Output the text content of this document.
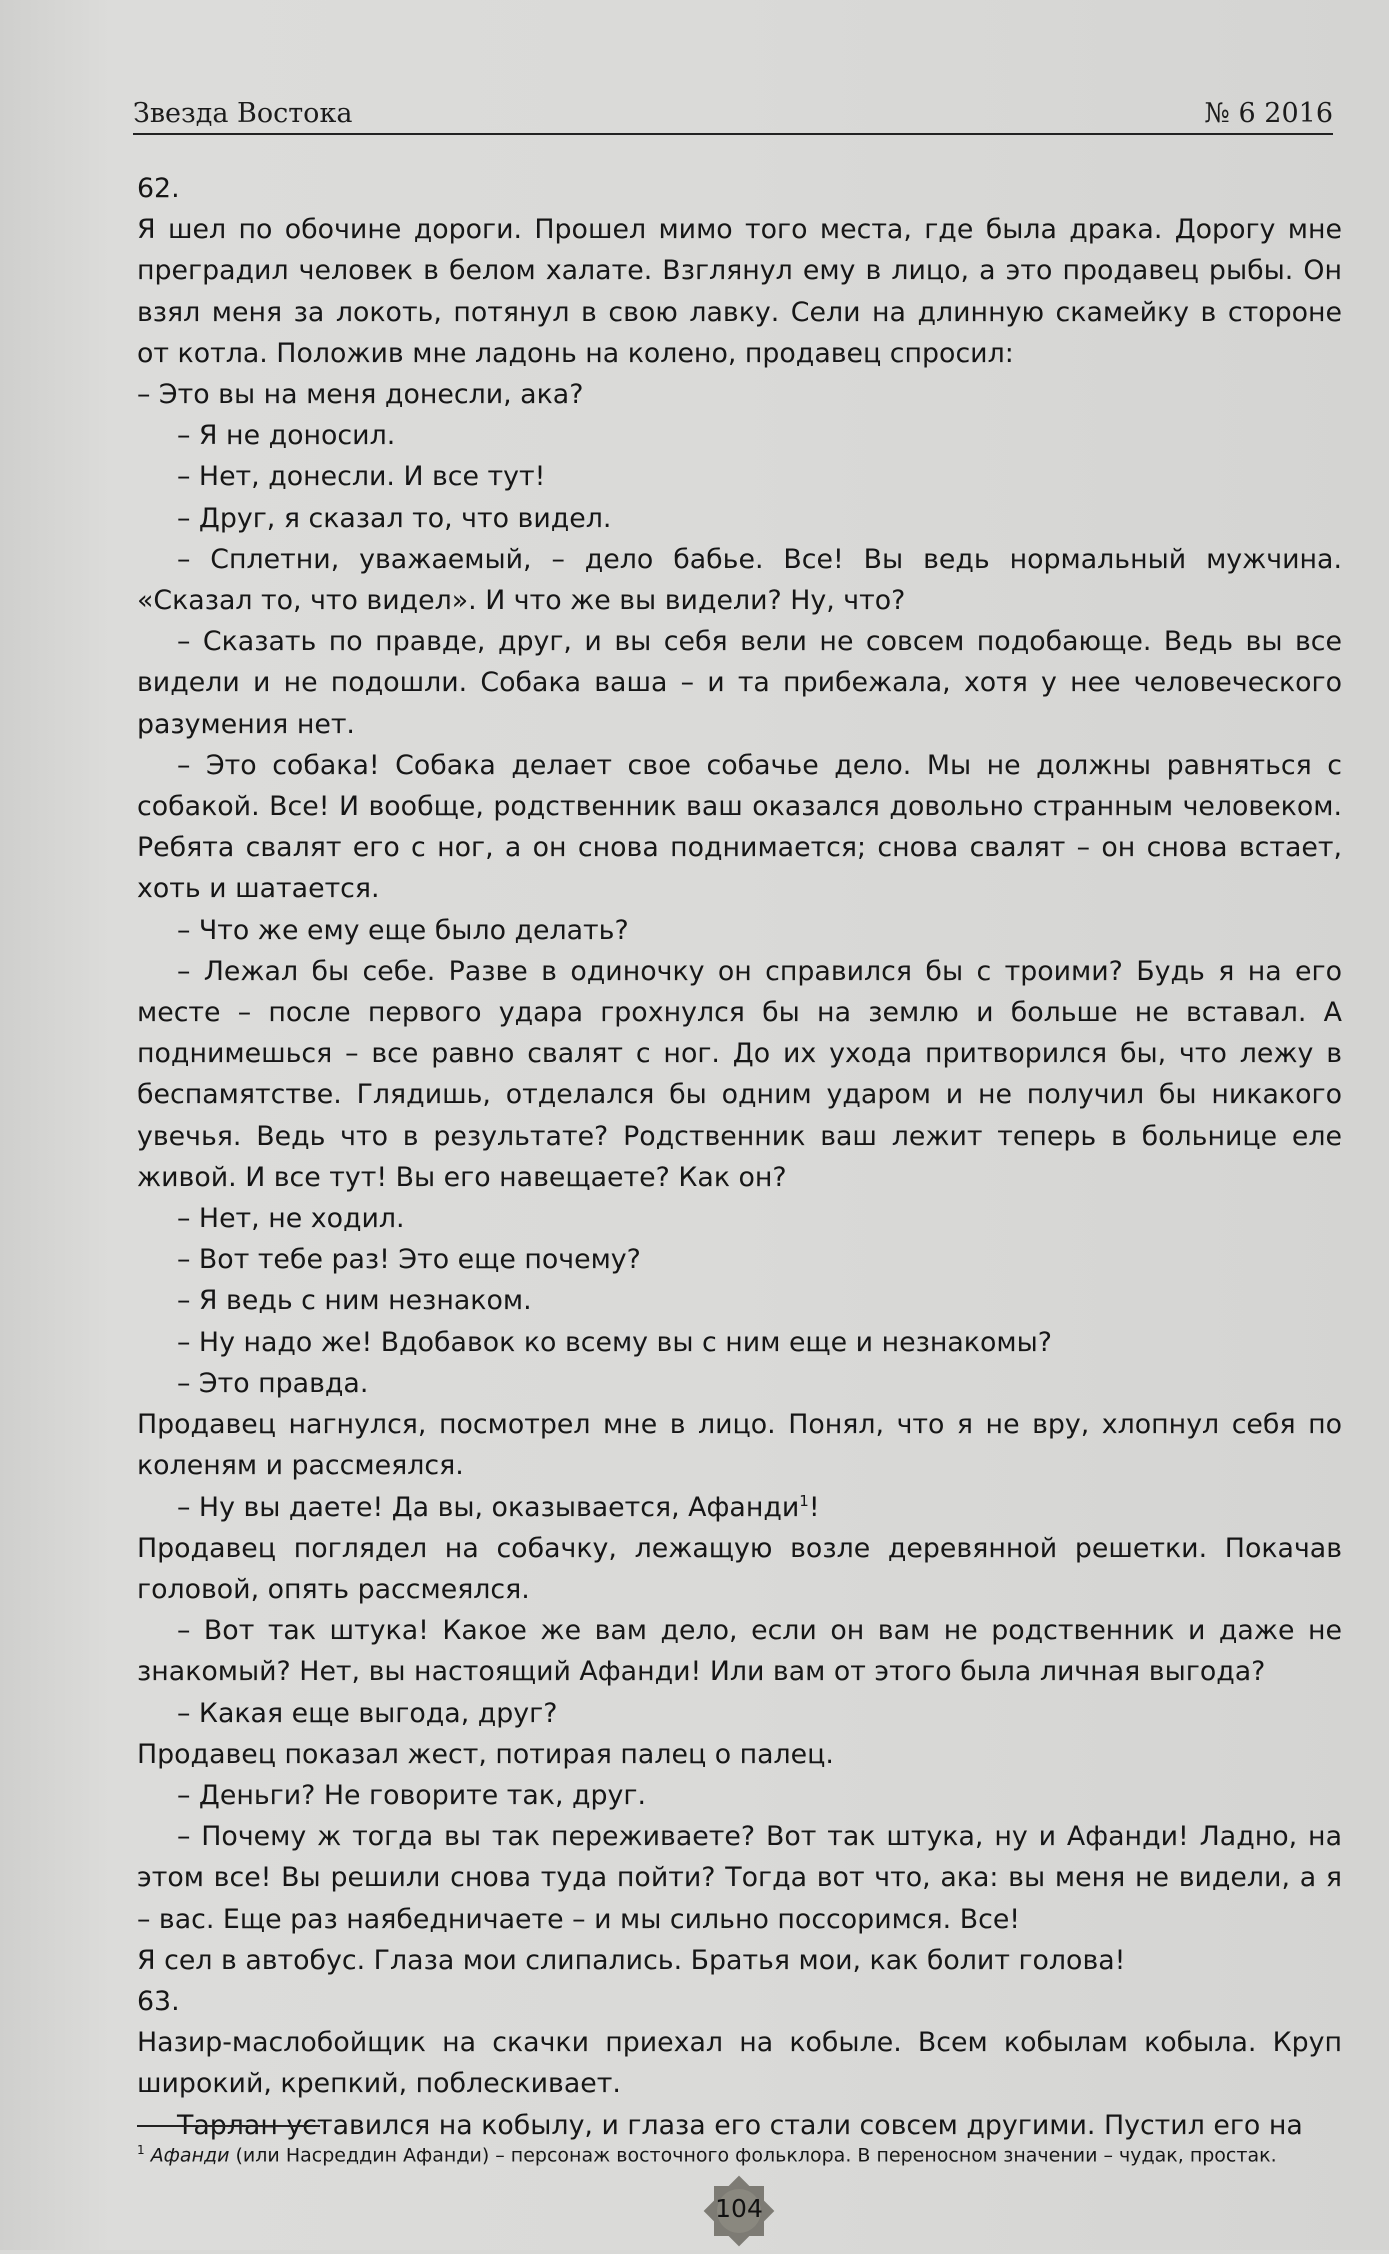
Звезда Востока	№ 6 2016

62.

Я шел по обочине дороги. Прошел мимо того места, где была драка. Дорогу мне преградил человек в белом халате. Взглянул ему в лицо, а это продавец рыбы. Он взял меня за локоть, потянул в свою лавку. Сели на длинную скамейку в стороне от котла. Положив мне ладонь на колено, продавец спросил:

– Это вы на меня донесли, ака?

– Я не доносил.

– Нет, донесли. И все тут!

– Друг, я сказал то, что видел.

– Сплетни, уважаемый, – дело бабье. Все! Вы ведь нормальный мужчина. «Сказал то, что видел». И что же вы видели? Ну, что?

– Сказать по правде, друг, и вы себя вели не совсем подобающе. Ведь вы все видели и не подошли. Собака ваша – и та прибежала, хотя у нее человеческого разумения нет.

– Это собака! Собака делает свое собачье дело. Мы не должны равняться с собакой. Все! И вообще, родственник ваш оказался довольно странным человеком. Ребята свалят его с ног, а он снова поднимается; снова свалят – он снова встает, хоть и шатается.

– Что же ему еще было делать?

– Лежал бы себе. Разве в одиночку он справился бы с троими? Будь я на его месте – после первого удара грохнулся бы на землю и больше не вставал. А поднимешься – все равно свалят с ног. До их ухода притворился бы, что лежу в беспамятстве. Глядишь, отделался бы одним ударом и не получил бы никакого увечья. Ведь что в результате? Родственник ваш лежит теперь в больнице еле живой. И все тут! Вы его навещаете? Как он?

– Нет, не ходил.

– Вот тебе раз! Это еще почему?

– Я ведь с ним незнаком.

– Ну надо же! Вдобавок ко всему вы с ним еще и незнакомы?

– Это правда.

Продавец нагнулся, посмотрел мне в лицо. Понял, что я не вру, хлопнул себя по коленям и рассмеялся.

– Ну вы даете! Да вы, оказывается, Афанди$^1$!

Продавец поглядел на собачку, лежащую возле деревянной решетки. Покачав головой, опять рассмеялся.

– Вот так штука! Какое же вам дело, если он вам не родственник и даже не знакомый? Нет, вы настоящий Афанди! Или вам от этого была личная выгода?

– Какая еще выгода, друг?

Продавец показал жест, потирая палец о палец.

– Деньги? Не говорите так, друг.

– Почему ж тогда вы так переживаете? Вот так штука, ну и Афанди! Ладно, на этом все! Вы решили снова туда пойти? Тогда вот что, ака: вы меня не видели, а я – вас. Еще раз наябедничаете – и мы сильно поссоримся. Все!

Я сел в автобус. Глаза мои слипались. Братья мои, как болит голова!

63.

Назир-маслобойщик на скачки приехал на кобыле. Всем кобылам кобыла. Круп широкий, крепкий, поблескивает.

Тарлан уставился на кобылу, и глаза его стали совсем другими. Пустил его на

$^1$ Афанди (или Насреддин Афанди) – персонаж восточного фольклора. В переносном значении – чудак, простак.
104
